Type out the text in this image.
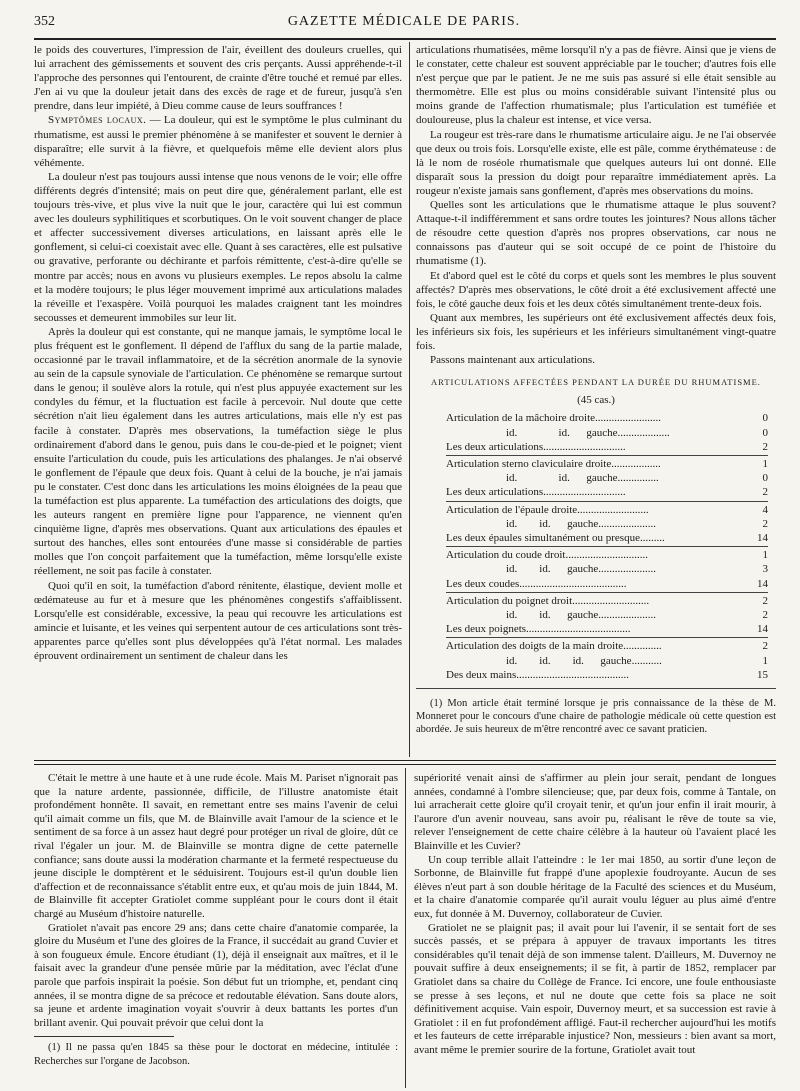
352	GAZETTE MÉDICALE DE PARIS.

le poids des couvertures, l'impression de l'air, éveillent des douleurs cruelles, qui lui arrachent des gémissements et souvent des cris perçants. Aussi appréhende-t-il l'approche des personnes qui l'entourent, de crainte d'être touché et remué par elles. J'en ai vu que la douleur jetait dans des excès de rage et de fureur, jusqu'à s'en prendre, dans leur impiété, à Dieu comme cause de leurs souffrances !

Symptômes locaux. — La douleur, qui est le symptôme le plus culminant du rhumatisme, est aussi le premier phénomène à se manifester et souvent le dernier à disparaître; elle survit à la fièvre, et quelquefois même elle devient alors plus véhémente.

La douleur n'est pas toujours aussi intense que nous venons de le voir; elle offre différents degrés d'intensité; mais on peut dire que, généralement parlant, elle est toujours très-vive, et plus vive la nuit que le jour, caractère qui lui est commun avec les douleurs syphilitiques et scorbutiques. On le voit souvent changer de place et affecter successivement diverses articulations, en laissant après elle le gonflement, si celui-ci coexistait avec elle. Quant à ses caractères, elle est pulsative ou gravative, perforante ou déchirante et parfois rémittente, c'est-à-dire qu'elle se montre par accès; nous en avons vu plusieurs exemples. Le repos absolu la calme et la modère toujours; le plus léger mouvement imprimé aux articulations malades la réveille et l'exaspère. Voilà pourquoi les malades craignent tant les moindres secousses et demeurent immobiles sur leur lit.

Après la douleur qui est constante, qui ne manque jamais, le symptôme local le plus fréquent est le gonflement. Il dépend de l'afflux du sang de la partie malade, occasionné par le travail inflammatoire, et de la sécrétion anormale de la synovie au sein de la capsule synoviale de l'articulation. Ce phénomène se remarque surtout dans le genou; il soulève alors la rotule, qui n'est plus appuyée exactement sur les condyles du fémur, et la fluctuation est facile à percevoir. Nul doute que cette sécrétion n'ait lieu également dans les autres articulations, mais elle n'y est pas facile à constater. D'après mes observations, la tuméfaction siège le plus ordinairement d'abord dans le genou, puis dans le cou-de-pied et le poignet; vient ensuite l'articulation du coude, puis les articulations des phalanges. Je n'ai observé le gonflement de l'épaule que deux fois. Quant à celui de la bouche, je n'ai jamais pu le constater. C'est donc dans les articulations les moins éloignées de la peau que la tuméfaction est plus apparente. La tuméfaction des articulations des doigts, que les auteurs rangent en première ligne pour l'apparence, ne viennent qu'en cinquième ligne, d'après mes observations. Quant aux articulations des épaules et surtout des hanches, elles sont entourées d'une masse si considérable de parties molles que l'on conçoit parfaitement que la tuméfaction, même lorsqu'elle existe réellement, ne soit pas facile à constater.

Quoi qu'il en soit, la tuméfaction d'abord rénitente, élastique, devient molle et œdémateuse au fur et à mesure que les phénomènes congestifs s'affaiblissent. Lorsqu'elle est considérable, excessive, la peau qui recouvre les articulations est amincie et luisante, et les veines qui serpentent autour de ces articulations sont très-apparentes parce qu'elles sont plus développées qu'à l'état normal. Les malades éprouvent ordinairement un sentiment de chaleur dans les

articulations rhumatisées, même lorsqu'il n'y a pas de fièvre. Ainsi que je viens de le constater, cette chaleur est souvent appréciable par le toucher; d'autres fois elle n'est perçue que par le patient. Je ne me suis pas assuré si elle était sensible au thermomètre. Elle est plus ou moins considérable suivant l'intensité plus ou moins grande de l'affection rhumatismale; plus l'articulation est tuméfiée et douloureuse, plus la chaleur est intense, et vice versa.

La rougeur est très-rare dans le rhumatisme articulaire aigu. Je ne l'ai observée que deux ou trois fois. Lorsqu'elle existe, elle est pâle, comme érythémateuse : de là le nom de roséole rhumatismale que quelques auteurs lui ont donné. Elle disparaît sous la pression du doigt pour reparaître immédiatement après. La rougeur n'existe jamais sans gonflement, d'après mes observations du moins.

Quelles sont les articulations que le rhumatisme attaque le plus souvent? Attaque-t-il indifféremment et sans ordre toutes les jointures? Nous allons tâcher de résoudre cette question d'après nos propres observations, car nous ne connaissons pas d'auteur qui se soit occupé de ce point de l'histoire du rhumatisme (1).

Et d'abord quel est le côté du corps et quels sont les membres le plus souvent affectés? D'après mes observations, le côté droit a été exclusivement affecté une fois, le côté gauche deux fois et les deux côtés simultanément trente-deux fois.

Quant aux membres, les supérieurs ont été exclusivement affectés deux fois, les inférieurs six fois, les supérieurs et les inférieurs simultanément vingt-quatre fois.

Passons maintenant aux articulations.

ARTICULATIONS AFFECTÉES PENDANT LA DURÉE DU RHUMATISME.
(45 cas.)
Articulation de la mâchoire droite........................	0
id.               id.      gauche...................	0
Les deux articulations..............................	2
Articulation sterno claviculaire droite..................	1
id.               id.      gauche...............	0
Les deux articulations..............................	2
Articulation de l'épaule droite..........................	4
id.        id.      gauche.....................	2
Les deux épaules simultanément ou presque.........	14
Articulation du coude droit..............................	1
id.        id.      gauche.....................	3
Les deux coudes.......................................	14
Articulation du poignet droit............................	2
id.        id.      gauche.....................	2
Les deux poignets......................................	14
Articulation des doigts de la main droite..............	2
id.        id.        id.      gauche...........	1
Des deux mains.........................................	15
(1) Mon article était terminé lorsque je pris connaissance de la thèse de M. Monneret pour le concours d'une chaire de pathologie médicale où cette question est abordée. Je suis heureux de m'être rencontré avec ce savant praticien.

C'était le mettre à une haute et à une rude école. Mais M. Pariset n'ignorait pas que la nature ardente, passionnée, difficile, de l'illustre anatomiste était profondément honnête. Il savait, en remettant entre ses mains l'avenir de celui qu'il aimait comme un fils, que M. de Blainville avait l'amour de la science et le sentiment de sa force à un assez haut degré pour protéger un rival de gloire, dût ce rival l'égaler un jour. M. de Blainville se montra digne de cette paternelle confiance; sans doute aussi la modération charmante et la fermeté respectueuse du jeune disciple le domptèrent et le séduisirent. Toujours est-il qu'un double lien d'affection et de reconnaissance s'établit entre eux, et qu'au mois de juin 1844, M. de Blainville fit accepter Gratiolet comme suppléant pour le cours dont il était chargé au Muséum d'histoire naturelle.

Gratiolet n'avait pas encore 29 ans; dans cette chaire d'anatomie comparée, la gloire du Muséum et l'une des gloires de la France, il succédait au grand Cuvier et à son fougueux émule. Encore étudiant (1), déjà il enseignait aux maîtres, et il le faisait avec la grandeur d'une pensée mûrie par la méditation, avec l'éclat d'une parole que parfois inspirait la poésie. Son début fut un triomphe, et, pendant cinq années, il se montra digne de sa précoce et redoutable élévation. Sans doute alors, sa jeune et ardente imagination voyait s'ouvrir à deux battants les portes d'un brillant avenir. Qui pouvait prévoir que celui dont la

(1) Il ne passa qu'en 1845 sa thèse pour le doctorat en médecine, intitulée : Recherches sur l'organe de Jacobson.

supériorité venait ainsi de s'affirmer au plein jour serait, pendant de longues années, condamné à l'ombre silencieuse; que, par deux fois, comme à Tantale, on lui arracherait cette gloire qu'il croyait tenir, et qu'un jour enfin il irait mourir, à l'aurore d'un avenir nouveau, sans avoir pu, réalisant le rêve de toute sa vie, relever l'enseignement de cette chaire célèbre à la hauteur où l'avaient placé les Blainville et les Cuvier?

Un coup terrible allait l'atteindre : le 1er mai 1850, au sortir d'une leçon de Sorbonne, de Blainville fut frappé d'une apoplexie foudroyante. Aucun de ses élèves n'eut part à son double héritage de la Faculté des sciences et du Muséum, et la chaire d'anatomie comparée qu'il aurait voulu léguer au plus aimé d'entre eux, fut donnée à M. Duvernoy, collaborateur de Cuvier.

Gratiolet ne se plaignit pas; il avait pour lui l'avenir, il se sentait fort de ses succès passés, et se prépara à appuyer de travaux importants les titres considérables qu'il tenait déjà de son immense talent. D'ailleurs, M. Duvernoy ne pouvait suffire à deux enseignements; il se fit, à partir de 1852, remplacer par Gratiolet dans sa chaire du Collège de France. Ici encore, une foule enthousiaste se presse à ses leçons, et nul ne doute que cette fois sa place ne soit définitivement acquise. Vain espoir, Duvernoy meurt, et sa succession est ravie à Gratiolet : il en fut profondément affligé. Faut-il rechercher aujourd'hui les motifs et les fauteurs de cette irréparable injustice? Non, messieurs : bien avant sa mort, avant même le premier sourire de la fortune, Gratiolet avait tout
